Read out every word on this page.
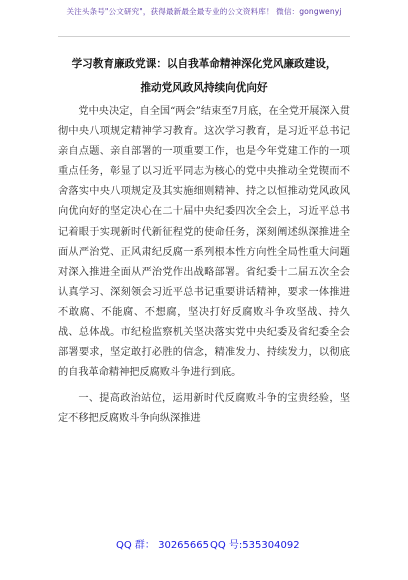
关注头条号"公文研究"，获得最新最全最专业的公文资料库！ 微信：gongwenyj
学习教育廉政党课：以自我革命精神深化党风廉政建设，
推动党风政风持续向优向好

党中央决定，自全国“两会”结束至7月底，在全党开展深入贯彻中央八项规定精神学习教育。这次学习教育，是习近平总书记亲自点题、亲自部署的一项重要工作，也是今年党建工作的一项重点任务，彰显了以习近平同志为核心的党中央推动全党锲而不舍落实中央八项规定及其实施细则精神、持之以恒推动党风政风向优向好的坚定决心在二十届中央纪委四次全会上，习近平总书记着眼于实现新时代新征程党的使命任务，深刻阐述纵深推进全面从严治党、正风肃纪反腐一系列根本性方向性全局性重大问题对深入推进全面从严治党作出战略部署。省纪委十二届五次全会认真学习、深刻领会习近平总书记重要讲话精神，要求一体推进不敢腐、不能腐、不想腐，坚决打好反腐败斗争攻坚战、持久战、总体战。市纪检监察机关坚决落实党中央纪委及省纪委全会部署要求，坚定敢打必胜的信念，精准发力、持续发力，以彻底的自我革命精神把反腐败斗争进行到底。

一、提高政治站位，运用新时代反腐败斗争的宝贵经验，坚定不移把反腐败斗争向纵深推进

QQ 群： 30265665 QQ 号:535304092
